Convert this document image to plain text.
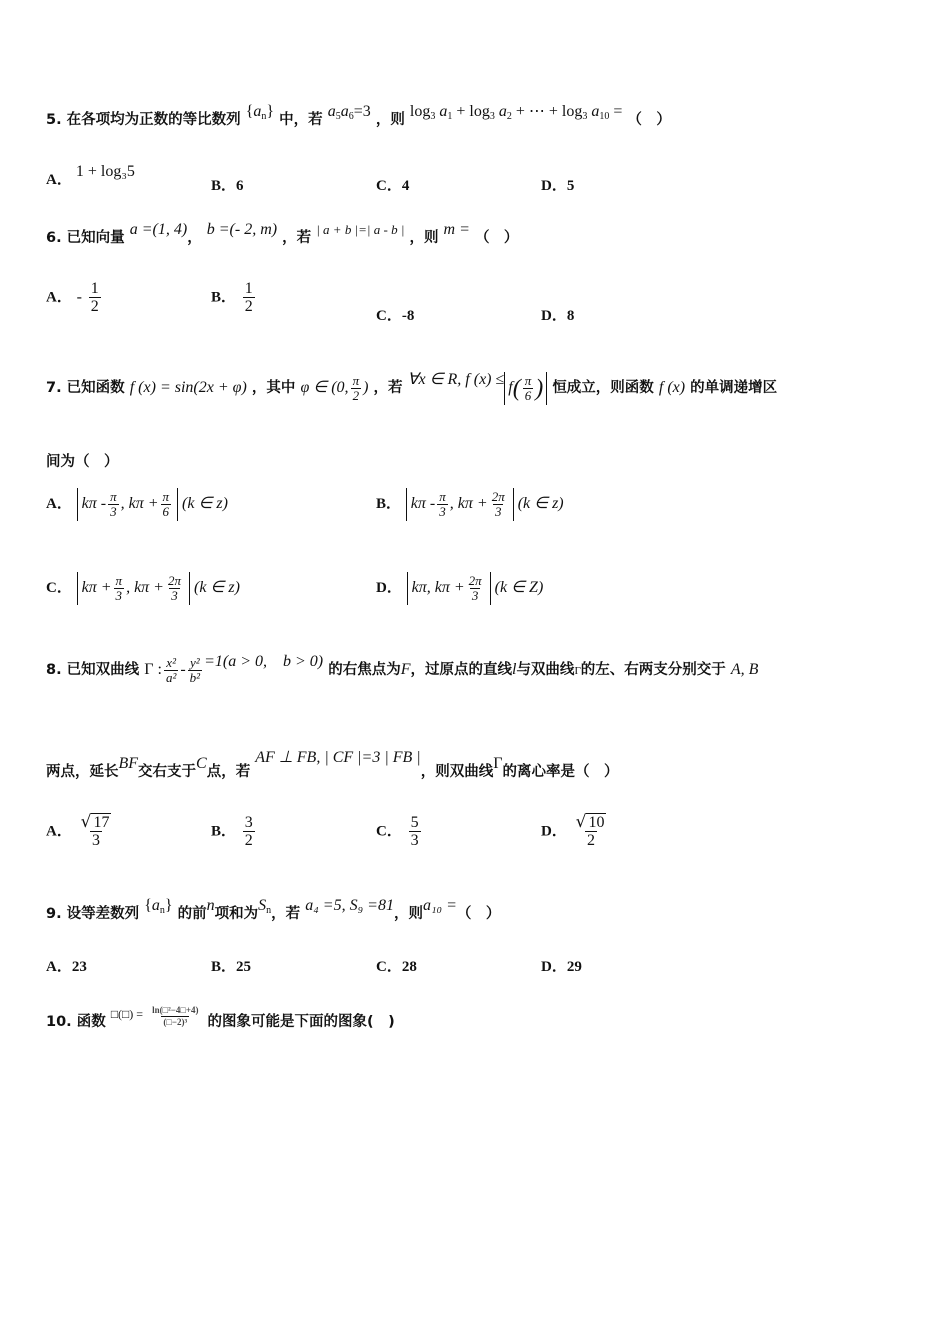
5. 在各项均为正数的等比数列 $\{a_n\}$ 中，若 $a_5a_6=3$ ，则 $\log_3 a_1 + \log_3 a_2$ + ⋯ + $\log_3 a_{10}$ = （　）
A． 1 + log₃5
B．6	C．4	D．5
6. 已知向量 a =(1, 4)， b =(- 2, m) ，若 | a + b |=| a - b | ，则 m = （　）
A． - $\frac{1}{2}$	B． $\frac{1}{2}$
C．-8	D．8
7. 已知函数 f (x) = sin(2x + φ) ，其中 φ ∈ (0, $\frac{\pi}{2}$ ) ，若 ∀x ∈ R, f $(x) \le f( \frac{\pi}{6}$ ) 恒成立，则函数 f (x) 的单调递增区
间为（　）
A． kπ - $\frac{\pi}{3}$ , $k\pi + \frac{\pi}{6} (k$ ∈ z)	B． kπ - $\frac{\pi}{3}$ , $k\pi + \frac{2\pi}{3} (k$ ∈ z)
C． $k\pi + \frac{\pi}{3}$ , $k\pi + \frac{2\pi}{3} (k$ ∈ z)	D． kπ, $k\pi + \frac{2\pi}{3} (k$ ∈ Z)
8. 已知双曲线 Γ : $\frac{\text{x²}}{\text{a²}} - \frac{\text{y²}}{\text{b²}} =1(a > 0$,　b > 0) 的右焦点为F，过原点的直线l与双曲线Γ的左、右两支分别交于 A, B
两点，延长BF交右支于C点，若 AF ⊥ FB, | CF |=3 | FB |，则双曲线Γ的离心率是（　）
A． $\frac{√ 17}{3}$	B． $\frac{3}{2}$	C． $\frac{5}{3}$	D． $\frac{√ 10}{2}$
9. 设等差数列 $\{a_n\}$ 的前n项和为$S_n$，若 a₄ =5, S₉ =81，则a₁₀ =（　）
A．23	B．25	C．28	D．29
10. 函数 $^{□(□) =} \frac{\text{ln(□²−4□+4)}}{\text{(□−2)³}}$ 的图象可能是下面的图象(　)
